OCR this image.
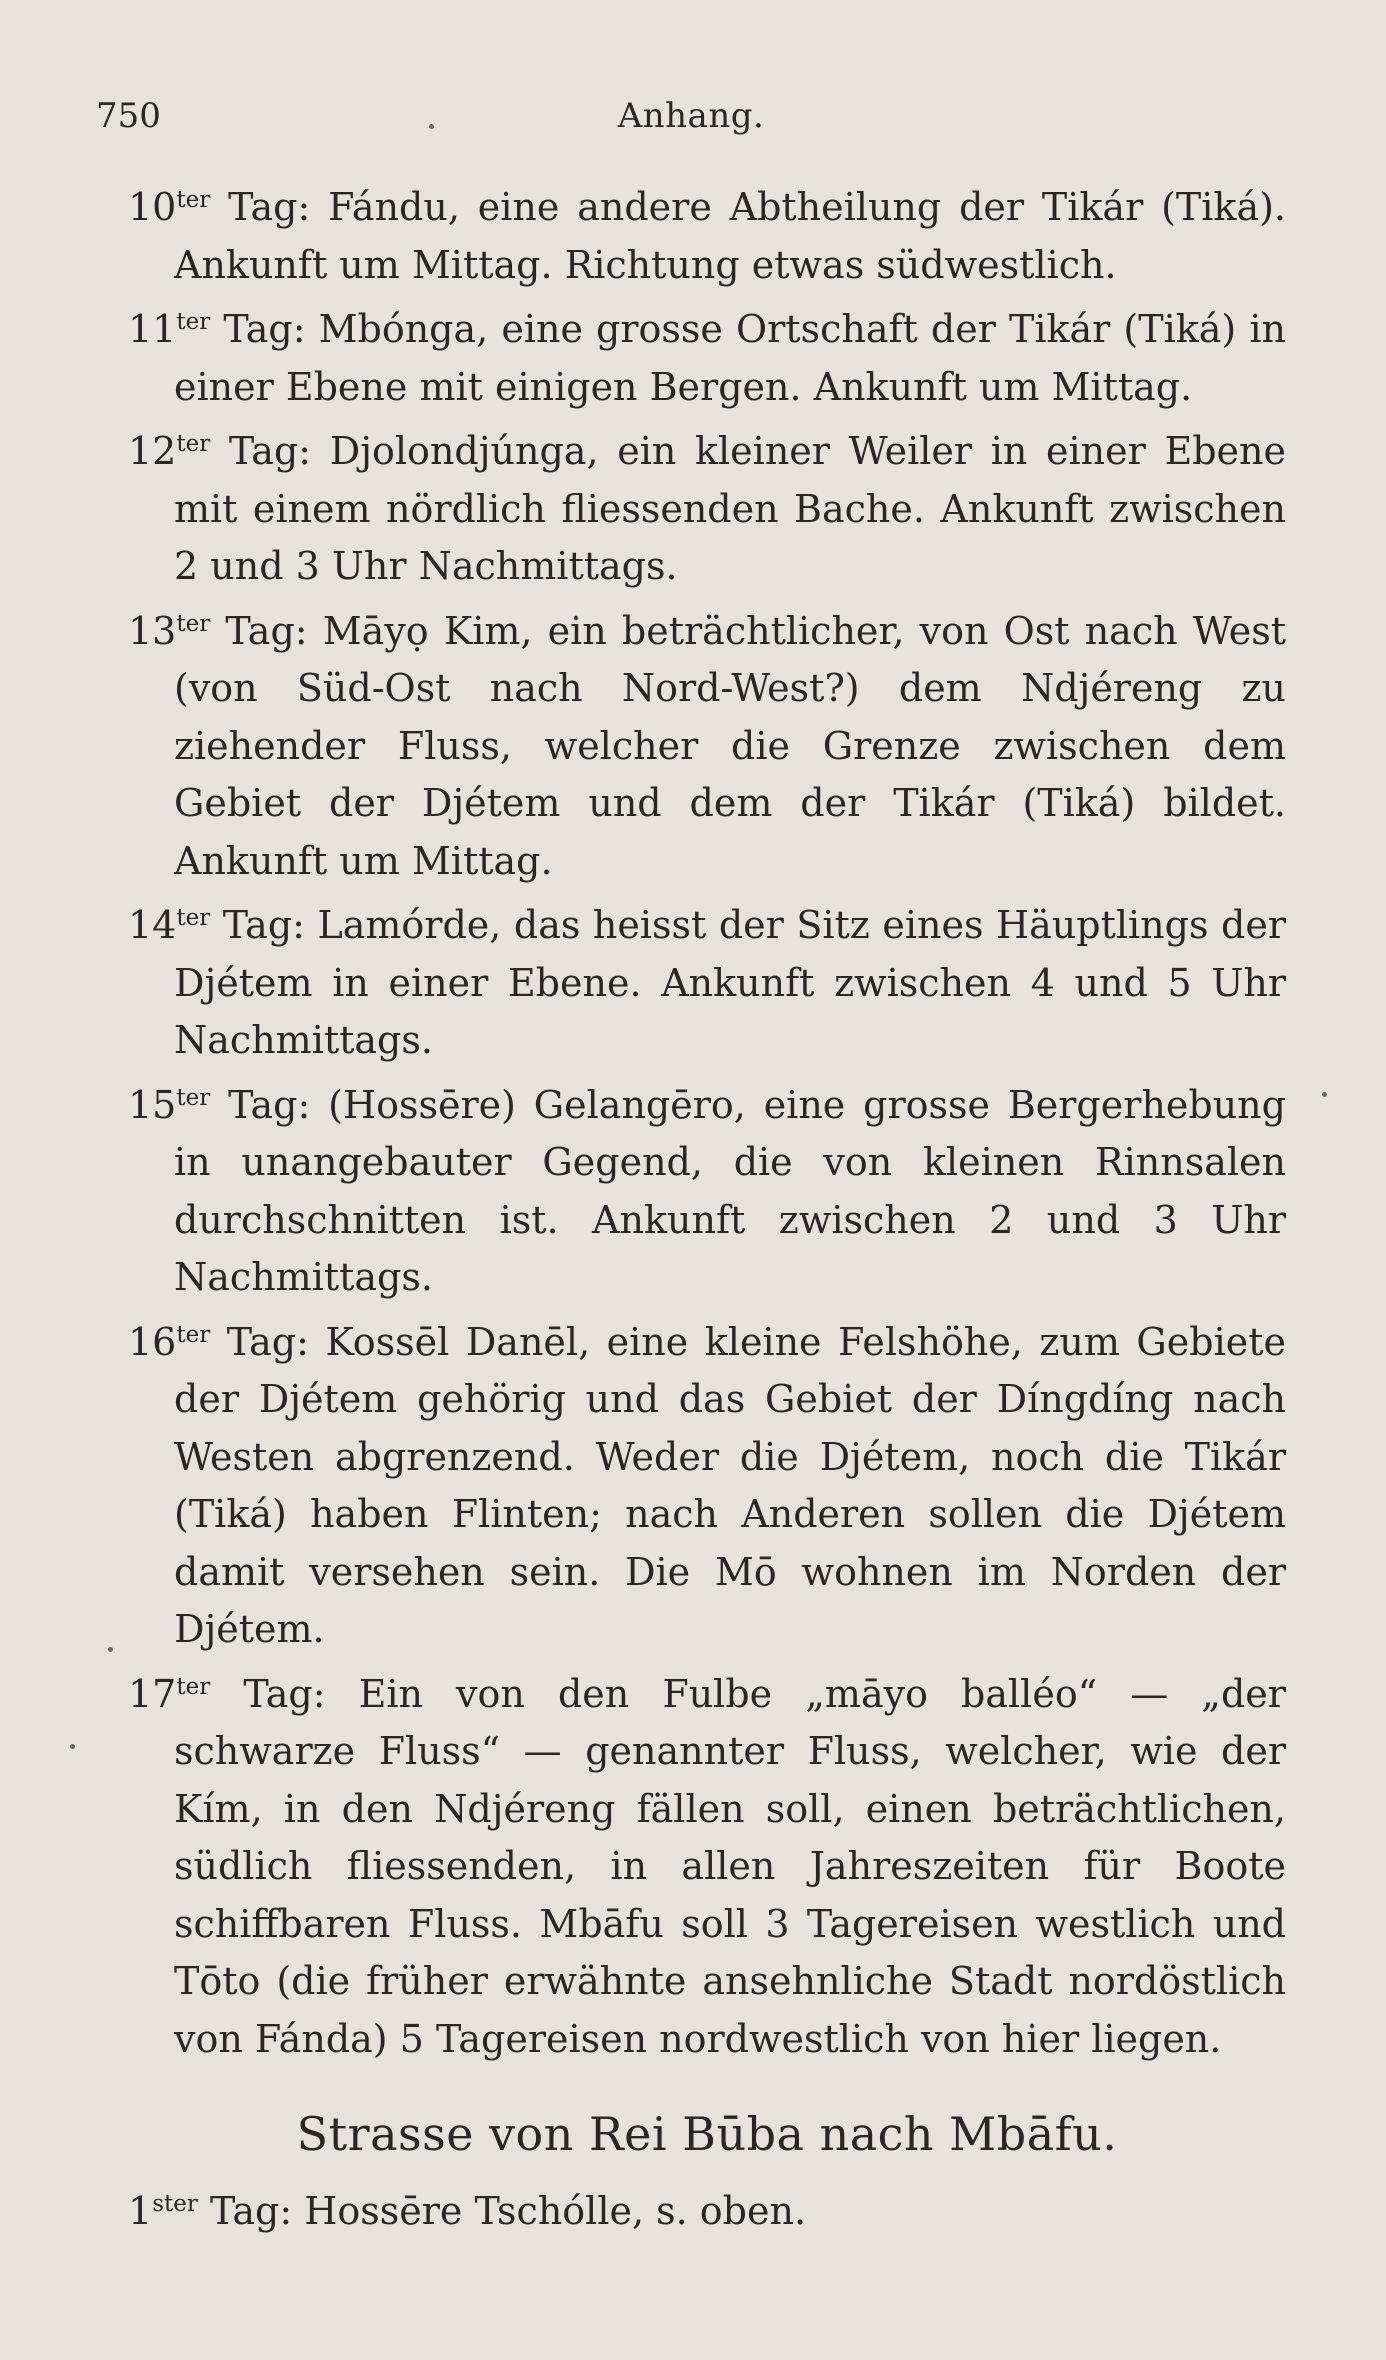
750	Anhang.

$10^{ter}$ Tag: Fándu, eine andere Abtheilung der Tikár (Tiká). Ankunft um Mittag. Richtung etwas südwestlich.

$11^{ter}$ Tag: Mbónga, eine grosse Ortschaft der Tikár (Tiká) in einer Ebene mit einigen Bergen. Ankunft um Mittag.

$12^{ter}$ Tag: Djolondjúnga, ein kleiner Weiler in einer Ebene mit einem nördlich fliessenden Bache. Ankunft zwischen 2 und 3 Uhr Nachmittags.

$13^{ter}$ Tag: Māyọ Kim, ein beträchtlicher, von Ost nach West (von Süd-Ost nach Nord-West?) dem Ndjéreng zu ziehender Fluss, welcher die Grenze zwischen dem Gebiet der Djétem und dem der Tikár (Tiká) bildet. Ankunft um Mittag.

$14^{ter}$ Tag: Lamórde, das heisst der Sitz eines Häuptlings der Djétem in einer Ebene. Ankunft zwischen 4 und 5 Uhr Nachmittags.

$15^{ter}$ Tag: (Hossēre) Gelangēro, eine grosse Bergerhebung in unangebauter Gegend, die von kleinen Rinnsalen durchschnitten ist. Ankunft zwischen 2 und 3 Uhr Nachmittags.

$16^{ter}$ Tag: Kossēl Danēl, eine kleine Felshöhe, zum Gebiete der Djétem gehörig und das Gebiet der Díngdíng nach Westen abgrenzend. Weder die Djétem, noch die Tikár (Tiká) haben Flinten; nach Anderen sollen die Djétem damit versehen sein. Die Mō wohnen im Norden der Djétem.

$17^{ter}$ Tag: Ein von den Fulbe „māyo balléo“ — „der schwarze Fluss“ — genannter Fluss, welcher, wie der Kím, in den Ndjéreng fällen soll, einen beträchtlichen, südlich fliessenden, in allen Jahreszeiten für Boote schiffbaren Fluss. Mbāfu soll 3 Tagereisen westlich und Tōto (die früher erwähnte ansehnliche Stadt nordöstlich von Fánda) 5 Tagereisen nordwestlich von hier liegen.

Strasse von Rei Būba nach Mbāfu.

$1^{ster}$ Tag: Hossēre Tschólle, s. oben.
